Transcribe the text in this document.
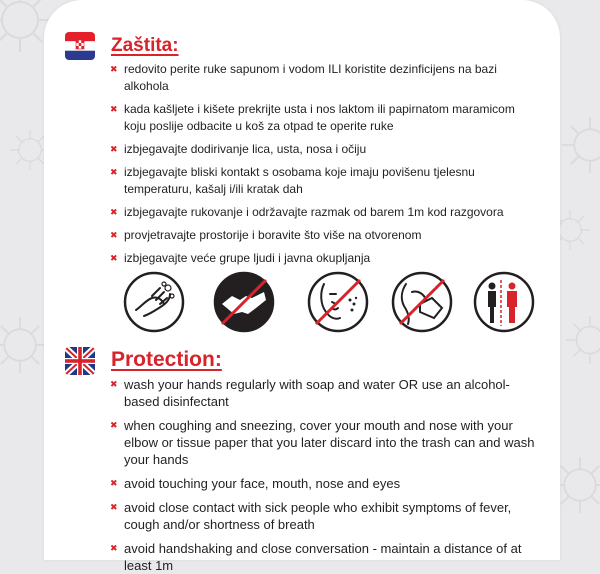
Zaštita:
✖ redovito perite ruke sapunom i vodom ILI koristite dezinficijens na bazi alkohola
✖ kada kašljete i kišete prekrijte usta i nos laktom ili papirnatom maramicom koju poslije odbacite u koš za otpad te operite ruke
✖ izbjegavajte dodirivanje lica, usta, nosa i očiju
✖ izbjegavajte bliski kontakt s osobama koje imaju povišenu tjelesnu temperaturu, kašalj i/ili kratak dah
✖ izbjegavajte rukovanje i održavajte razmak od barem 1m kod razgovora
✖ provjetravajte prostorije i boravite što više na otvorenom
✖ izbjegavajte veće grupe ljudi i javna okupljanja
Protection:
✖ wash your hands regularly with soap and water OR use an alcohol-based disinfectant
✖ when coughing and sneezing, cover your mouth and nose with your elbow or tissue paper that you later discard into the trash can and wash your hands
✖ avoid touching your face, mouth, nose and eyes
✖ avoid close contact with sick people who exhibit symptoms of fever, cough and/or shortness of breath
✖ avoid handshaking and close conversation - maintain a distance of at least 1m
